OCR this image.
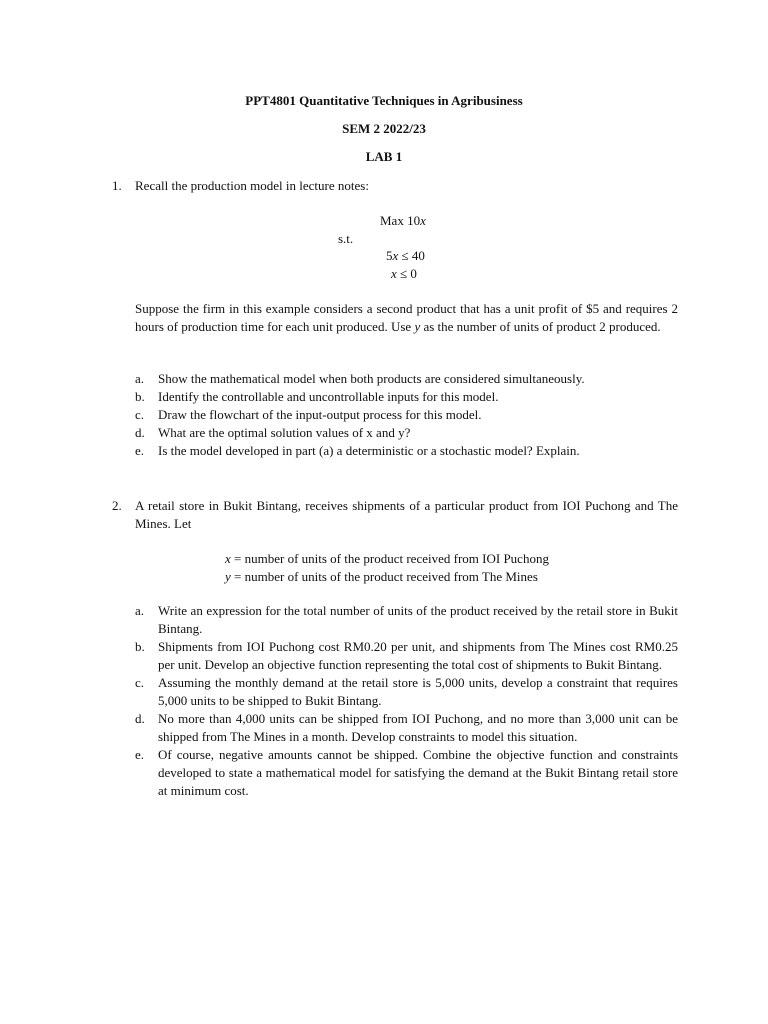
PPT4801 Quantitative Techniques in Agribusiness
SEM 2 2022/23
LAB 1
1. Recall the production model in lecture notes:
Max 10x
s.t.
5x ≤ 40
x ≤ 0
Suppose the firm in this example considers a second product that has a unit profit of $5 and requires 2 hours of production time for each unit produced. Use y as the number of units of product 2 produced.
a. Show the mathematical model when both products are considered simultaneously.
b. Identify the controllable and uncontrollable inputs for this model.
c. Draw the flowchart of the input-output process for this model.
d. What are the optimal solution values of x and y?
e. Is the model developed in part (a) a deterministic or a stochastic model? Explain.
2. A retail store in Bukit Bintang, receives shipments of a particular product from IOI Puchong and The Mines. Let
x = number of units of the product received from IOI Puchong
y = number of units of the product received from The Mines
a. Write an expression for the total number of units of the product received by the retail store in Bukit Bintang.
b. Shipments from IOI Puchong cost RM0.20 per unit, and shipments from The Mines cost RM0.25 per unit. Develop an objective function representing the total cost of shipments to Bukit Bintang.
c. Assuming the monthly demand at the retail store is 5,000 units, develop a constraint that requires 5,000 units to be shipped to Bukit Bintang.
d. No more than 4,000 units can be shipped from IOI Puchong, and no more than 3,000 unit can be shipped from The Mines in a month. Develop constraints to model this situation.
e. Of course, negative amounts cannot be shipped. Combine the objective function and constraints developed to state a mathematical model for satisfying the demand at the Bukit Bintang retail store at minimum cost.
